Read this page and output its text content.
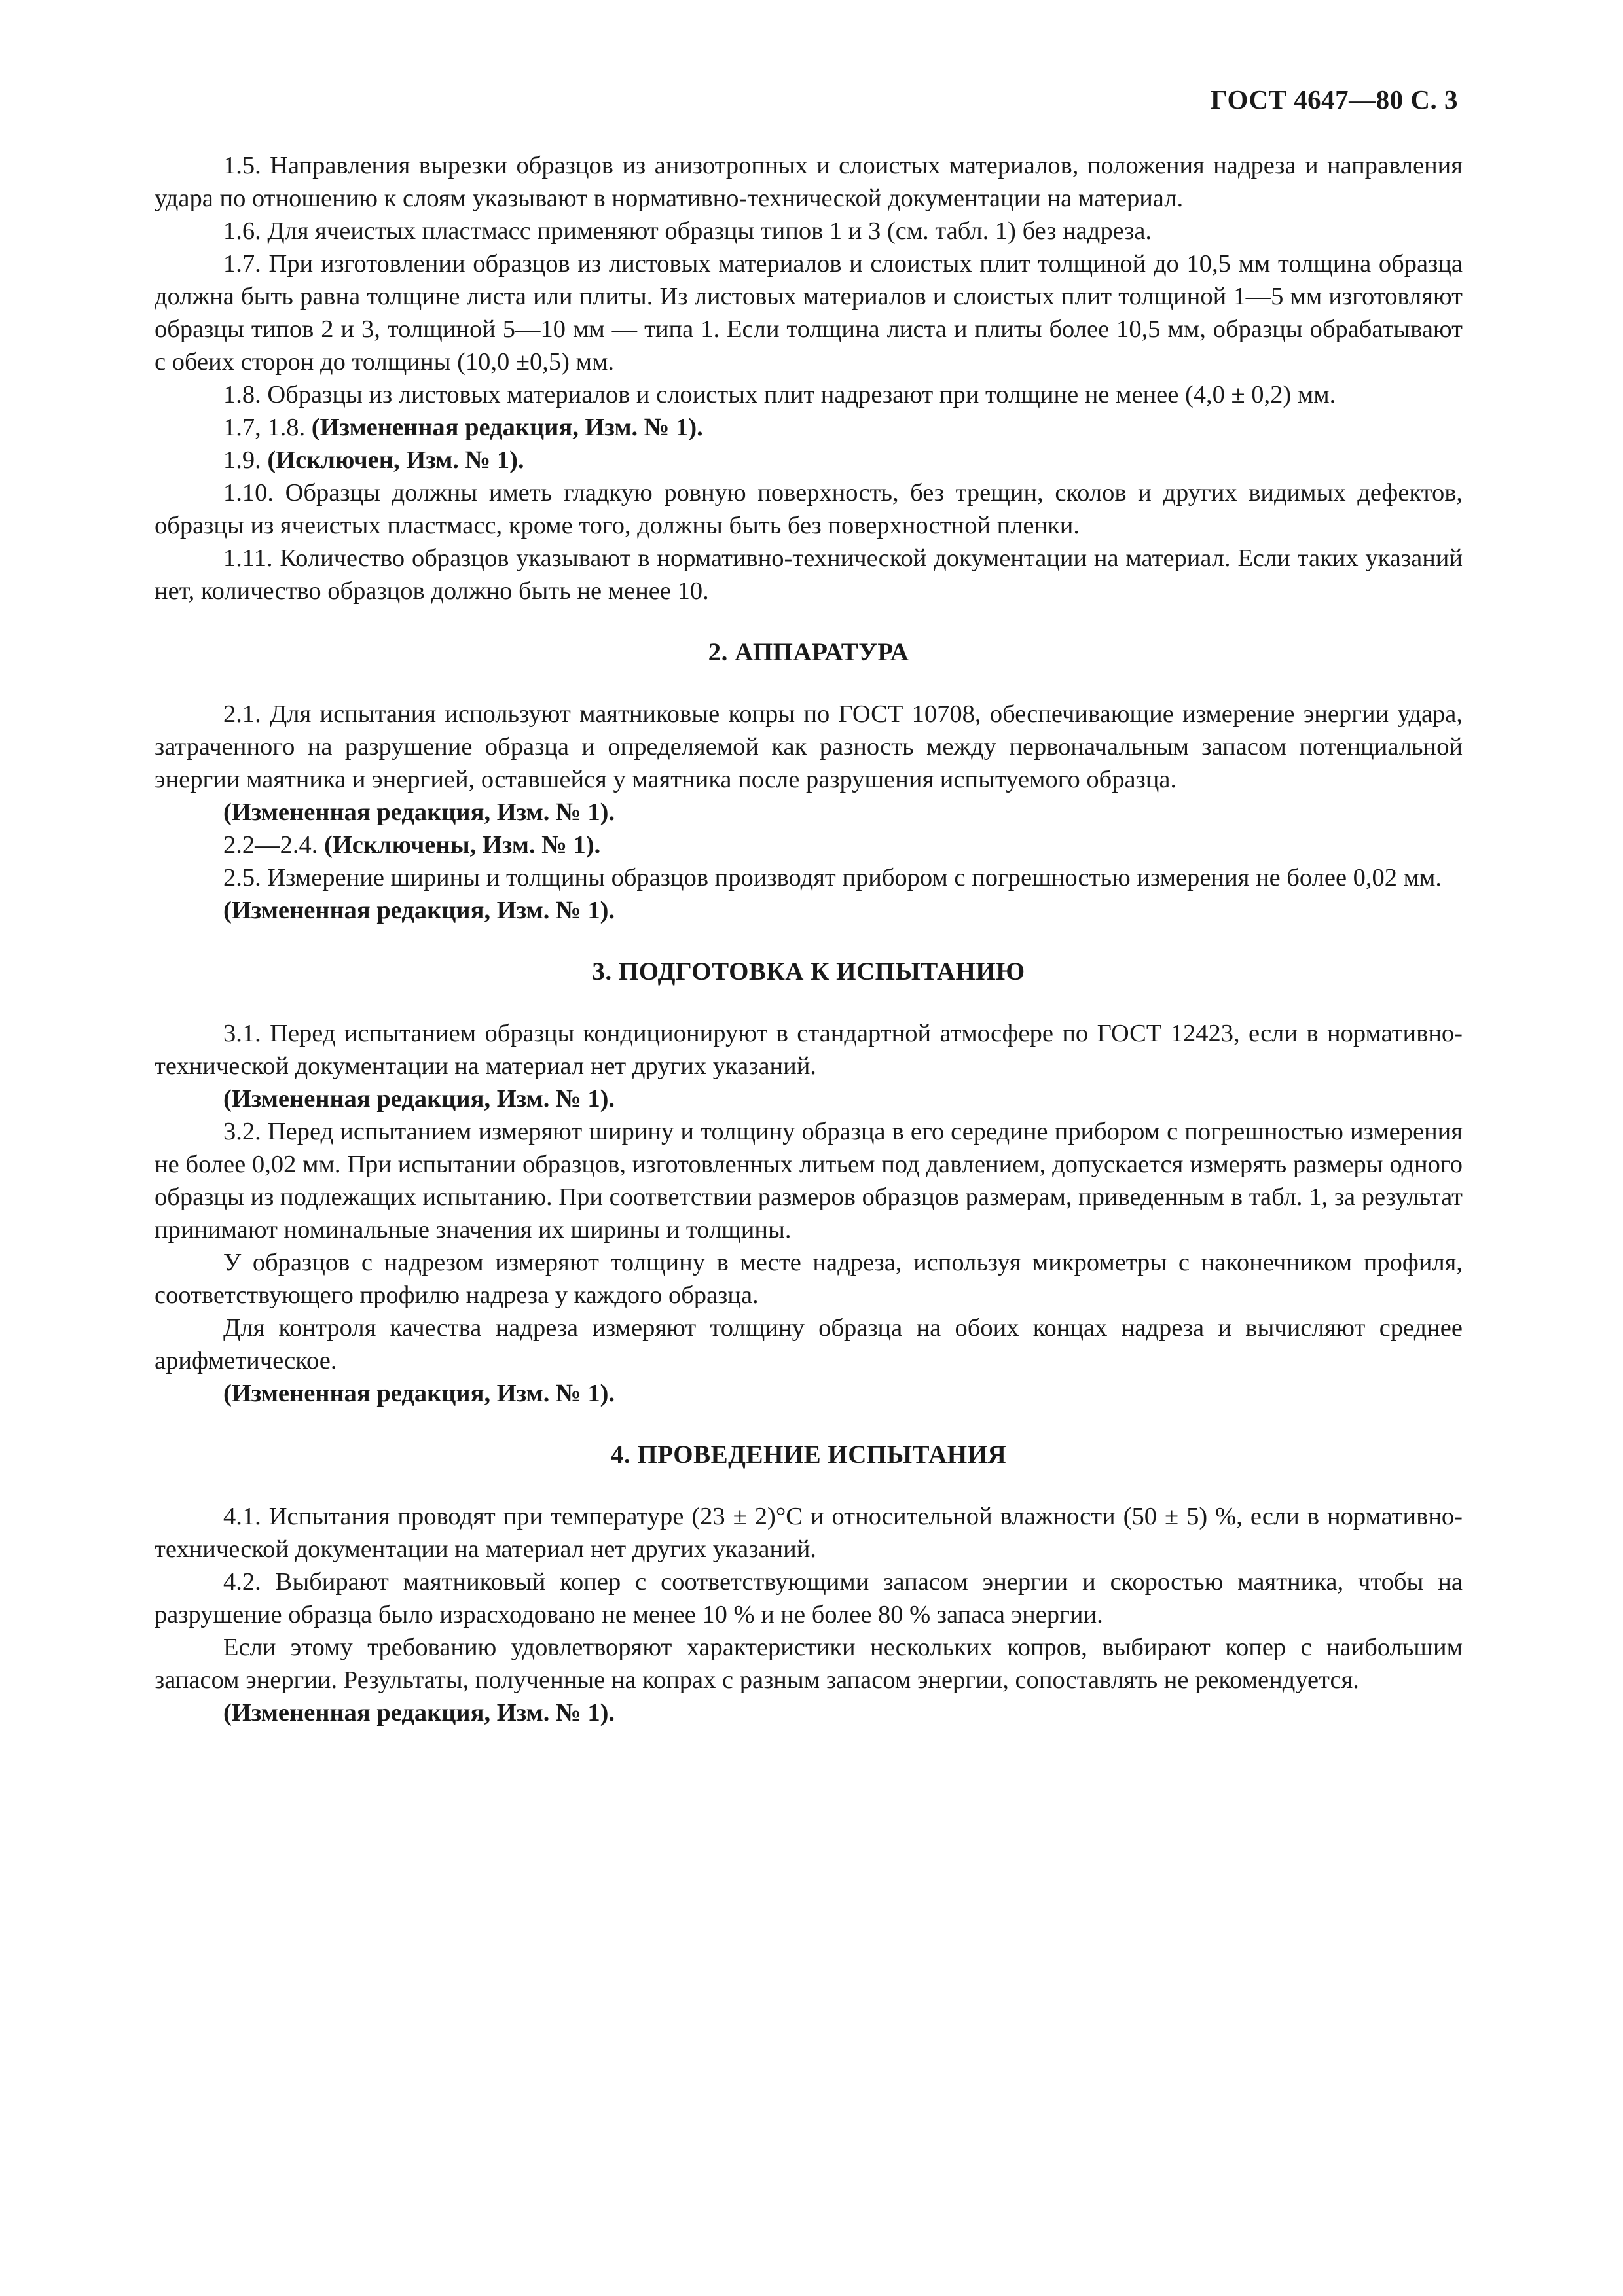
ГОСТ 4647—80 С. 3

1.5. Направления вырезки образцов из анизотропных и слоистых материалов, положения надреза и направления удара по отношению к слоям указывают в нормативно-технической документации на материал.

1.6. Для ячеистых пластмасс применяют образцы типов 1 и 3 (см. табл. 1) без надреза.

1.7. При изготовлении образцов из листовых материалов и слоистых плит толщиной до 10,5 мм толщина образца должна быть равна толщине листа или плиты. Из листовых материалов и слоистых плит толщиной 1—5 мм изготовляют образцы типов 2 и 3, толщиной 5—10 мм — типа 1. Если толщина листа и плиты более 10,5 мм, образцы обрабатывают с обеих сторон до толщины (10,0 ±0,5) мм.

1.8. Образцы из листовых материалов и слоистых плит надрезают при толщине не менее (4,0 ± 0,2) мм.

1.7, 1.8. (Измененная редакция, Изм. № 1).

1.9. (Исключен, Изм. № 1).

1.10. Образцы должны иметь гладкую ровную поверхность, без трещин, сколов и других видимых дефектов, образцы из ячеистых пластмасс, кроме того, должны быть без поверхностной пленки.

1.11. Количество образцов указывают в нормативно-технической документации на материал. Если таких указаний нет, количество образцов должно быть не менее 10.

2. АППАРАТУРА

2.1. Для испытания используют маятниковые копры по ГОСТ 10708, обеспечивающие измерение энергии удара, затраченного на разрушение образца и определяемой как разность между первоначальным запасом потенциальной энергии маятника и энергией, оставшейся у маятника после разрушения испытуемого образца.

(Измененная редакция, Изм. № 1).

2.2—2.4. (Исключены, Изм. № 1).

2.5. Измерение ширины и толщины образцов производят прибором с погрешностью измерения не более 0,02 мм.

(Измененная редакция, Изм. № 1).

3. ПОДГОТОВКА К ИСПЫТАНИЮ

3.1. Перед испытанием образцы кондиционируют в стандартной атмосфере по ГОСТ 12423, если в нормативно-технической документации на материал нет других указаний.

(Измененная редакция, Изм. № 1).

3.2. Перед испытанием измеряют ширину и толщину образца в его середине прибором с погрешностью измерения не более 0,02 мм. При испытании образцов, изготовленных литьем под давлением, допускается измерять размеры одного образцы из подлежащих испытанию. При соответствии размеров образцов размерам, приведенным в табл. 1, за результат принимают номинальные значения их ширины и толщины.

У образцов с надрезом измеряют толщину в месте надреза, используя микрометры с наконечником профиля, соответствующего профилю надреза у каждого образца.

Для контроля качества надреза измеряют толщину образца на обоих концах надреза и вычисляют среднее арифметическое.

(Измененная редакция, Изм. № 1).

4. ПРОВЕДЕНИЕ ИСПЫТАНИЯ

4.1. Испытания проводят при температуре (23 ± 2)°С и относительной влажности (50 ± 5) %, если в нормативно-технической документации на материал нет других указаний.

4.2. Выбирают маятниковый копер с соответствующими запасом энергии и скоростью маятника, чтобы на разрушение образца было израсходовано не менее 10 % и не более 80 % запаса энергии.

Если этому требованию удовлетворяют характеристики нескольких копров, выбирают копер с наибольшим запасом энергии. Результаты, полученные на копрах с разным запасом энергии, сопоставлять не рекомендуется.

(Измененная редакция, Изм. № 1).
